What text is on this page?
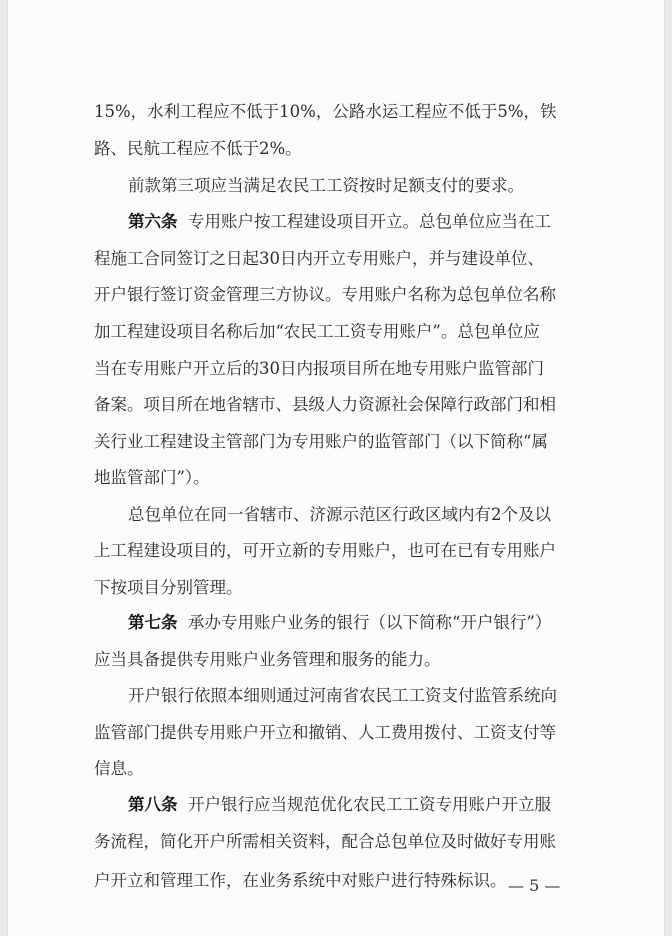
15%，水利工程应不低于10%，公路水运工程应不低于5%，铁
路、民航工程应不低于2%。
前款第三项应当满足农民工工资按时足额支付的要求。
第六条 专用账户按工程建设项目开立。总包单位应当在工
程施工合同签订之日起30日内开立专用账户，并与建设单位、
开户银行签订资金管理三方协议。专用账户名称为总包单位名称
加工程建设项目名称后加“农民工工资专用账户”。总包单位应
当在专用账户开立后的30日内报项目所在地专用账户监管部门
备案。项目所在地省辖市、县级人力资源社会保障行政部门和相
关行业工程建设主管部门为专用账户的监管部门（以下简称“属
地监管部门”）。
总包单位在同一省辖市、济源示范区行政区域内有2个及以
上工程建设项目的，可开立新的专用账户，也可在已有专用账户
下按项目分别管理。
第七条 承办专用账户业务的银行（以下简称“开户银行”）
应当具备提供专用账户业务管理和服务的能力。
开户银行依照本细则通过河南省农民工工资支付监管系统向
监管部门提供专用账户开立和撤销、人工费用拨付、工资支付等
信息。
第八条 开户银行应当规范优化农民工工资专用账户开立服
务流程，简化开户所需相关资料，配合总包单位及时做好专用账
户开立和管理工作，在业务系统中对账户进行特殊标识。 — 5 —
